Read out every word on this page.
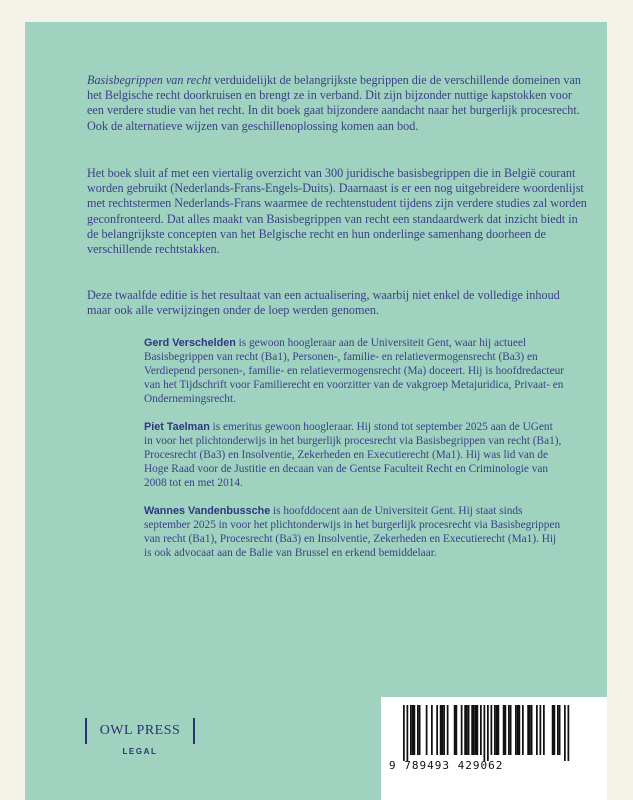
Basisbegrippen van recht verduidelijkt de belangrijkste begrippen die de verschillende domeinen van het Belgische recht doorkruisen en brengt ze in verband. Dit zijn bijzonder nuttige kapstokken voor een verdere studie van het recht. In dit boek gaat bijzondere aandacht naar het burgerlijk procesrecht. Ook de alternatieve wijzen van geschillenoplossing komen aan bod.

Het boek sluit af met een viertalig overzicht van 300 juridische basisbegrippen die in België courant worden gebruikt (Nederlands-Frans-Engels-Duits). Daarnaast is er een nog uitgebreidere woordenlijst met rechtstermen Nederlands-Frans waarmee de rechtenstudent tijdens zijn verdere studies zal worden geconfronteerd. Dat alles maakt van Basisbegrippen van recht een standaardwerk dat inzicht biedt in de belangrijkste concepten van het Belgische recht en hun onderlinge samenhang doorheen de verschillende rechtstakken.

Deze twaalfde editie is het resultaat van een actualisering, waarbij niet enkel de volledige inhoud maar ook alle verwijzingen onder de loep werden genomen.

Gerd Verschelden is gewoon hoogleraar aan de Universiteit Gent, waar hij actueel Basisbegrippen van recht (Ba1), Personen-, familie- en relatievermogensrecht (Ba3) en Verdiepend personen-, familie- en relatievermogensrecht (Ma) doceert. Hij is hoofdredacteur van het Tijdschrift voor Familierecht en voorzitter van de vakgroep Metajuridica, Privaat- en Ondernemingsrecht.

Piet Taelman is emeritus gewoon hoogleraar. Hij stond tot september 2025 aan de UGent in voor het plichtonderwijs in het burgerlijk procesrecht via Basisbegrippen van recht (Ba1), Procesrecht (Ba3) en Insolventie, Zekerheden en Executierecht (Ma1). Hij was lid van de Hoge Raad voor de Justitie en decaan van de Gentse Faculteit Recht en Criminologie van 2008 tot en met 2014.

Wannes Vandenbussche is hoofddocent aan de Universiteit Gent. Hij staat sinds september 2025 in voor het plichtonderwijs in het burgerlijk procesrecht via Basisbegrippen van recht (Ba1), Procesrecht (Ba3) en Insolventie, Zekerheden en Executierecht (Ma1). Hij is ook advocaat aan de Balie van Brussel en erkend bemiddelaar.

OWL PRESS
LEGAL
9 789493 429062
